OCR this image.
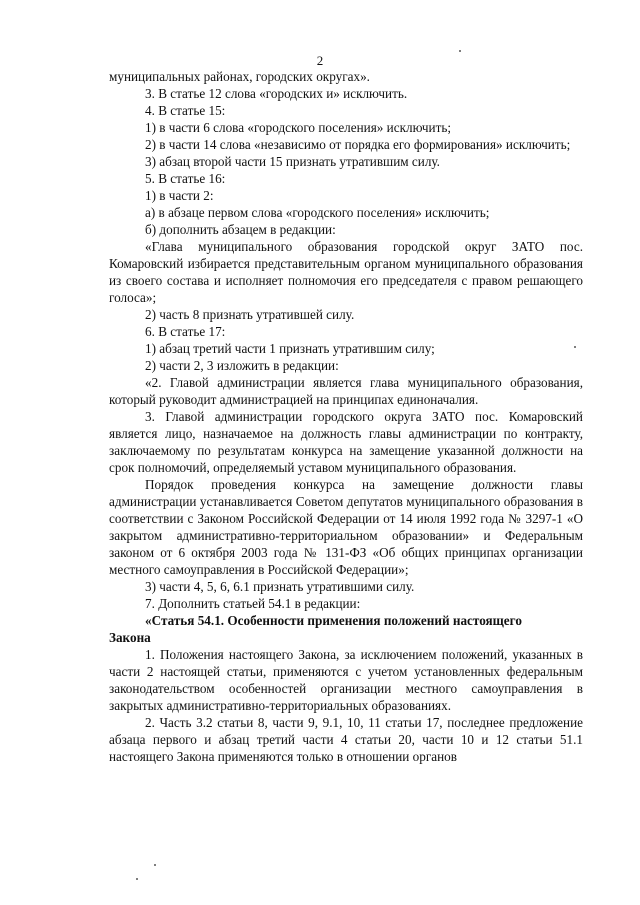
2

муниципальных районах, городских округах».

3. В статье 12 слова «городских и» исключить.

4. В статье 15:

1) в части 6 слова «городского поселения» исключить;

2) в части 14 слова «независимо от порядка его формирования» исключить;

3) абзац второй части 15 признать утратившим силу.

5. В статье 16:

1) в части 2:

а) в абзаце первом слова «городского поселения» исключить;

б) дополнить абзацем в редакции:

«Глава муниципального образования городской округ ЗАТО пос. Комаровский избирается представительным органом муниципального образования из своего состава и исполняет полномочия его председателя с правом решающего голоса»;

2) часть 8 признать утратившей силу.

6. В статье 17:

1) абзац третий части 1 признать утратившим силу;

2) части 2, 3 изложить в редакции:

«2. Главой администрации является глава муниципального образования, который руководит администрацией на принципах единоначалия.

3. Главой администрации городского округа ЗАТО пос. Комаровский является лицо, назначаемое на должность главы администрации по контракту, заключаемому по результатам конкурса на замещение указанной должности на срок полномочий, определяемый уставом муниципального образования.

Порядок проведения конкурса на замещение должности главы администрации устанавливается Советом депутатов муниципального образования в соответствии с Законом Российской Федерации от 14 июля 1992 года № 3297-1 «О закрытом административно-территориальном образовании» и Федеральным законом от 6 октября 2003 года № 131-ФЗ «Об общих принципах организации местного самоуправления в Российской Федерации»;

3) части 4, 5, 6, 6.1 признать утратившими силу.

7. Дополнить статьей 54.1 в редакции:

«Статья 54.1. Особенности применения положений настоящего

Закона

1. Положения настоящего Закона, за исключением положений, указанных в части 2 настоящей статьи, применяются с учетом установленных федеральным законодательством особенностей организации местного самоуправления в закрытых административно-территориальных образованиях.

2. Часть 3.2 статьи 8, части 9, 9.1, 10, 11 статьи 17, последнее предложение абзаца первого и абзац третий части 4 статьи 20, части 10 и 12 статьи 51.1 настоящего Закона применяются только в отношении органов
